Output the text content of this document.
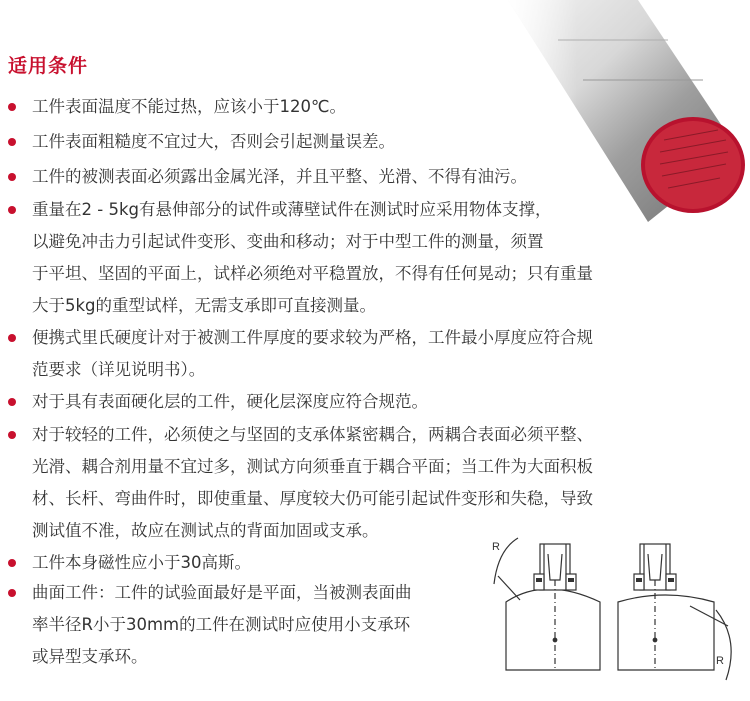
适用条件
工件表面温度不能过热，应该小于120℃。
工件表面粗糙度不宜过大，否则会引起测量误差。
工件的被测表面必须露出金属光泽，并且平整、光滑、不得有油污。
重量在2 - 5kg有悬伸部分的试件或薄壁试件在测试时应采用物体支撑，
以避免冲击力引起试件变形、变曲和移动；对于中型工件的测量，须置
于平坦、坚固的平面上，试样必须绝对平稳置放，不得有任何晃动；只有重量
大于5kg的重型试样，无需支承即可直接测量。
便携式里氏硬度计对于被测工件厚度的要求较为严格，工件最小厚度应符合规
范要求（详见说明书）。
对于具有表面硬化层的工件，硬化层深度应符合规范。
对于较轻的工件，必须使之与坚固的支承体紧密耦合，两耦合表面必须平整、
光滑、耦合剂用量不宜过多，测试方向须垂直于耦合平面；当工件为大面积板
材、长杆、弯曲件时，即使重量、厚度较大仍可能引起试件变形和失稳，导致
测试值不准，故应在测试点的背面加固或支承。
工件本身磁性应小于30高斯。
曲面工件：工件的试验面最好是平面，当被测表面曲
率半径R小于30mm的工件在测试时应使用小支承环
或异型支承环。
R
R
